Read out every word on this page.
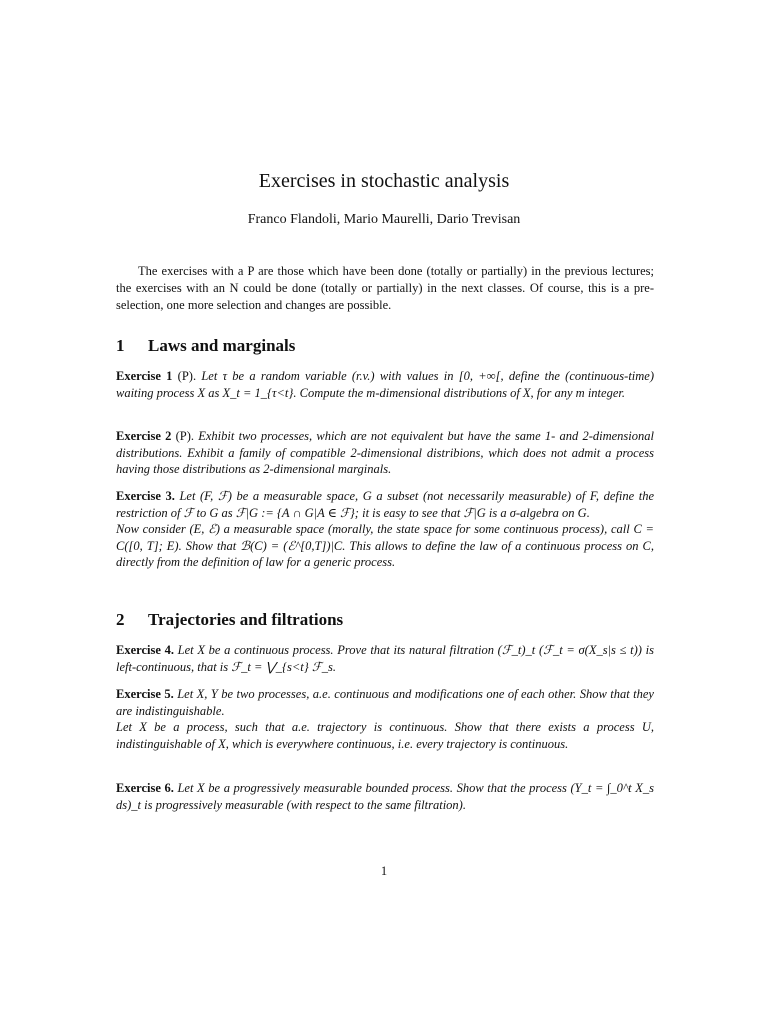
Exercises in stochastic analysis
Franco Flandoli, Mario Maurelli, Dario Trevisan
The exercises with a P are those which have been done (totally or partially) in the previous lectures; the exercises with an N could be done (totally or partially) in the next classes. Of course, this is a pre-selection, one more selection and changes are possible.
1 Laws and marginals

Exercise 1 (P). Let τ be a random variable (r.v.) with values in [0, +∞[, define the (continuous-time) waiting process X as X_t = 1_{τ<t}. Compute the m-dimensional distributions of X, for any m integer.

Exercise 2 (P). Exhibit two processes, which are not equivalent but have the same 1- and 2-dimensional distributions. Exhibit a family of compatible 2-dimensional distribions, which does not admit a process having those distributions as 2-dimensional marginals.

Exercise 3. Let (F, ℱ) be a measurable space, G a subset (not necessarily measurable) of F, define the restriction of ℱ to G as ℱ|G := {A ∩ G|A ∈ ℱ}; it is easy to see that ℱ|G is a σ-algebra on G.

Now consider (E, ℰ) a measurable space (morally, the state space for some continuous process), call C = C([0, T]; E). Show that ℬ(C) = (ℰ^[0,T])|C. This allows to define the law of a continuous process on C, directly from the definition of law for a generic process.

2 Trajectories and filtrations

Exercise 4. Let X be a continuous process. Prove that its natural filtration (ℱ_t)_t (ℱ_t = σ(X_s|s ≤ t)) is left-continuous, that is ℱ_t = ⋁_{s<t} ℱ_s.

Exercise 5. Let X, Y be two processes, a.e. continuous and modifications one of each other. Show that they are indistinguishable.

Let X be a process, such that a.e. trajectory is continuous. Show that there exists a process U, indistinguishable of X, which is everywhere continuous, i.e. every trajectory is continuous.

Exercise 6. Let X be a progressively measurable bounded process. Show that the process (Y_t = ∫_0^t X_s ds)_t is progressively measurable (with respect to the same filtration).

1
